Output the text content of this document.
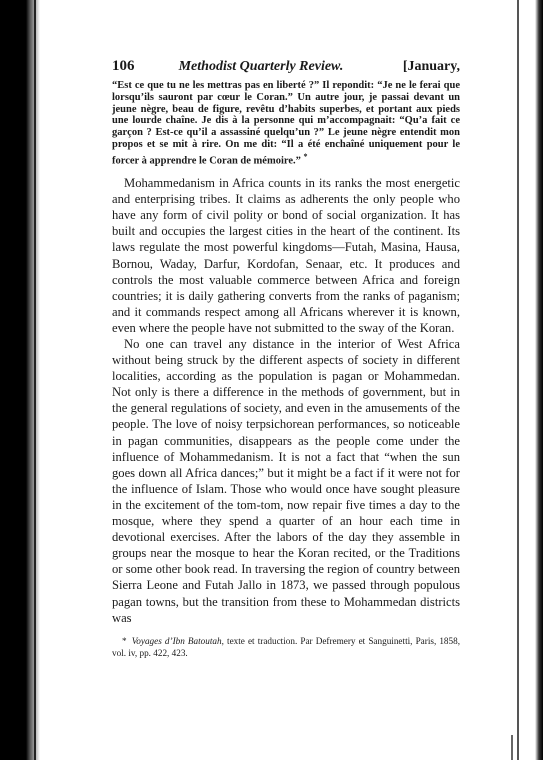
106	Methodist Quarterly Review.	[January,

“Est ce que tu ne les mettras pas en liberté ?” Il repondit: “Je ne le ferai que lorsqu’ils sauront par cœur le Coran.” Un autre jour, je passai devant un jeune nègre, beau de figure, revêtu d’habits superbes, et portant aux pieds une lourde chaîne. Je dis à la personne qui m’accompagnait: “Qu’a fait ce garçon ? Est-ce qu’il a assassiné quelqu’un ?” Le jeune nègre entendit mon propos et se mit à rire. On me dit: “Il a été enchaîné uniquement pour le forcer à apprendre le Coran de mémoire.” *

Mohammedanism in Africa counts in its ranks the most energetic and enterprising tribes. It claims as adherents the only people who have any form of civil polity or bond of social organization. It has built and occupies the largest cities in the heart of the continent. Its laws regulate the most powerful kingdoms—Futah, Masina, Hausa, Bornou, Waday, Darfur, Kordofan, Senaar, etc. It produces and controls the most valuable commerce between Africa and foreign countries; it is daily gathering converts from the ranks of paganism; and it commands respect among all Africans wherever it is known, even where the people have not submitted to the sway of the Koran.

No one can travel any distance in the interior of West Africa without being struck by the different aspects of society in different localities, according as the population is pagan or Mohammedan. Not only is there a difference in the methods of government, but in the general regulations of society, and even in the amusements of the people. The love of noisy terpsichorean performances, so noticeable in pagan communities, disappears as the people come under the influence of Mohammedanism. It is not a fact that “when the sun goes down all Africa dances;” but it might be a fact if it were not for the influence of Islam. Those who would once have sought pleasure in the excitement of the tom-tom, now repair five times a day to the mosque, where they spend a quarter of an hour each time in devotional exercises. After the labors of the day they assemble in groups near the mosque to hear the Koran recited, or the Traditions or some other book read. In traversing the region of country between Sierra Leone and Futah Jallo in 1873, we passed through populous pagan towns, but the transition from these to Mohammedan districts was

* Voyages d’Ibn Batoutah, texte et traduction. Par Defremery et Sanguinetti, Paris, 1858, vol. iv, pp. 422, 423.
